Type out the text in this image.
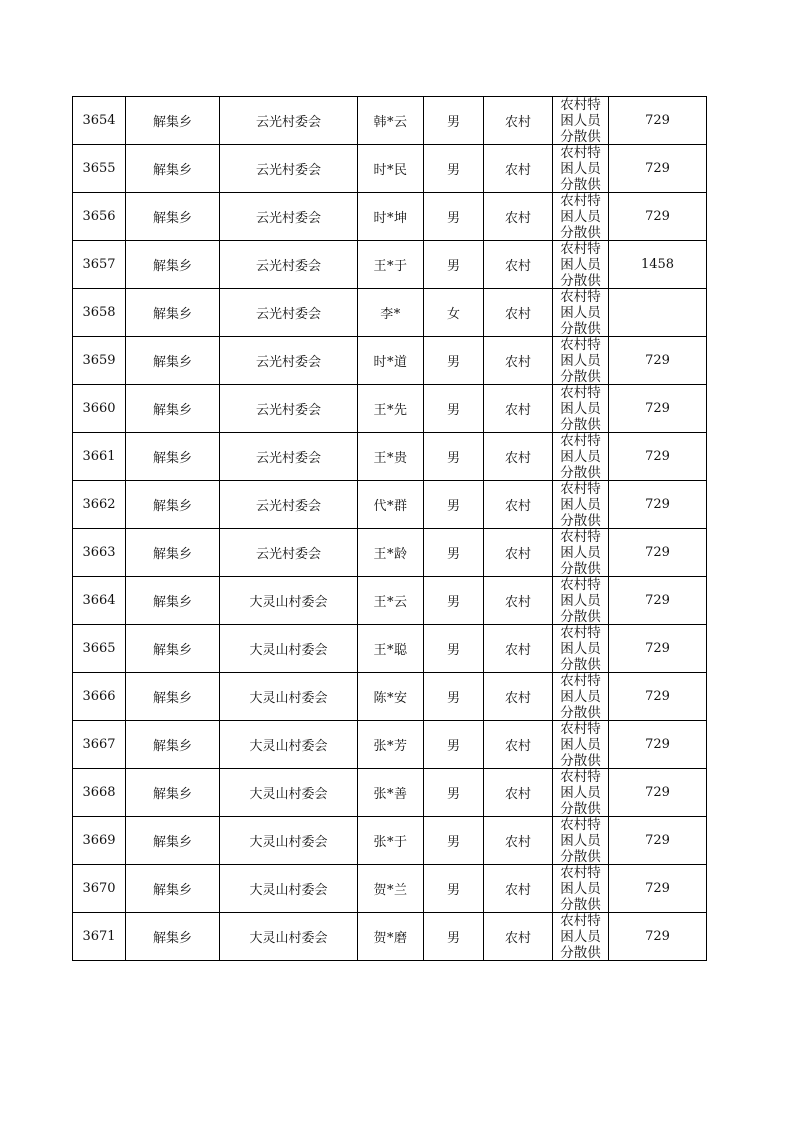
3654	解集乡	云光村委会	韩*云	男	农村	农村特困人员分散供	729
3655	解集乡	云光村委会	时*民	男	农村	农村特困人员分散供	729
3656	解集乡	云光村委会	时*坤	男	农村	农村特困人员分散供	729
3657	解集乡	云光村委会	王*于	男	农村	农村特困人员分散供	1458
3658	解集乡	云光村委会	李*	女	农村	农村特困人员分散供	

3659	解集乡	云光村委会	时*道	男	农村	农村特困人员分散供	729
3660	解集乡	云光村委会	王*先	男	农村	农村特困人员分散供	729
3661	解集乡	云光村委会	王*贵	男	农村	农村特困人员分散供	729
3662	解集乡	云光村委会	代*群	男	农村	农村特困人员分散供	729
3663	解集乡	云光村委会	王*龄	男	农村	农村特困人员分散供	729
3664	解集乡	大灵山村委会	王*云	男	农村	农村特困人员分散供	729
3665	解集乡	大灵山村委会	王*聪	男	农村	农村特困人员分散供	729
3666	解集乡	大灵山村委会	陈*安	男	农村	农村特困人员分散供	729
3667	解集乡	大灵山村委会	张*芳	男	农村	农村特困人员分散供	729
3668	解集乡	大灵山村委会	张*善	男	农村	农村特困人员分散供	729
3669	解集乡	大灵山村委会	张*于	男	农村	农村特困人员分散供	729
3670	解集乡	大灵山村委会	贺*兰	男	农村	农村特困人员分散供	729
3671	解集乡	大灵山村委会	贺*磨	男	农村	农村特困人员分散供	729
